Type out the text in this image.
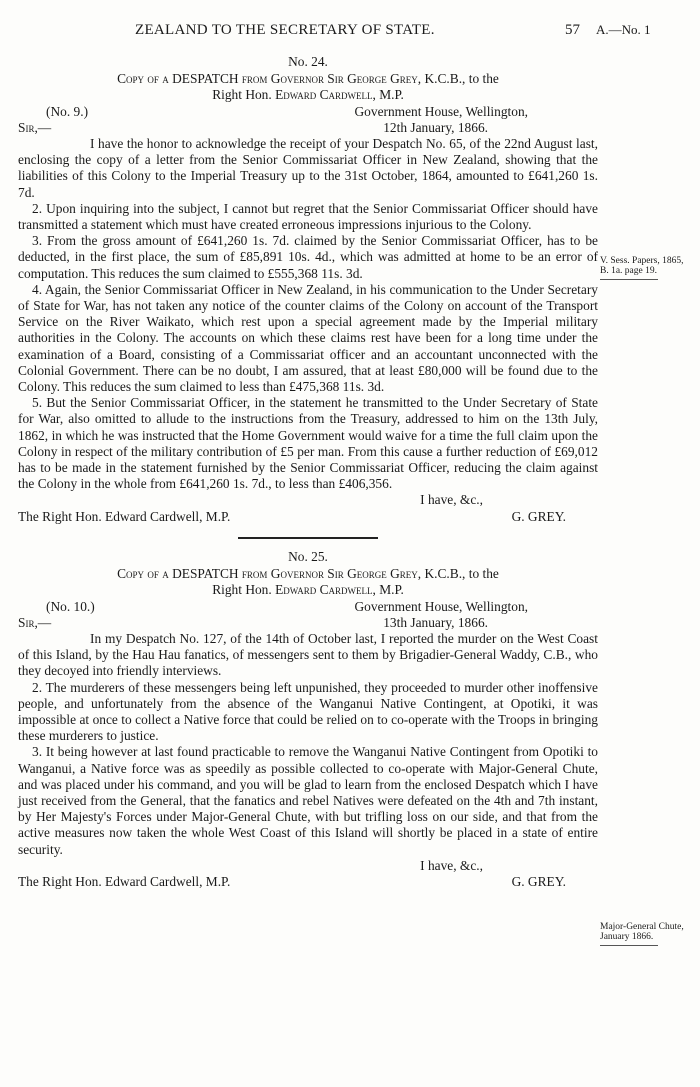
ZEALAND TO THE SECRETARY OF STATE.	57 A.—No. 1
No. 24.
Copy of a DESPATCH from Governor Sir George Grey, K.C.B., to the
Right Hon. Edward Cardwell, M.P.
(No. 9.)	Government House, Wellington,
Sir,—	12th January, 1866.

I have the honor to acknowledge the receipt of your Despatch No. 65, of the 22nd August last, enclosing the copy of a letter from the Senior Commissariat Officer in New Zealand, showing that the liabilities of this Colony to the Imperial Treasury up to the 31st October, 1864, amounted to £641,260 1s. 7d.

2. Upon inquiring into the subject, I cannot but regret that the Senior Commissariat Officer should have transmitted a statement which must have created erroneous impressions injurious to the Colony.

3. From the gross amount of £641,260 1s. 7d. claimed by the Senior Commissariat Officer, has to be deducted, in the first place, the sum of £85,891 10s. 4d., which was admitted at home to be an error of computation. This reduces the sum claimed to £555,368 11s. 3d.

4. Again, the Senior Commissariat Officer in New Zealand, in his communication to the Under Secretary of State for War, has not taken any notice of the counter claims of the Colony on account of the Transport Service on the River Waikato, which rest upon a special agreement made by the Imperial military authorities in the Colony. The accounts on which these claims rest have been for a long time under the examination of a Board, consisting of a Commissariat officer and an accountant unconnected with the Colonial Government. There can be no doubt, I am assured, that at least £80,000 will be found due to the Colony. This reduces the sum claimed to less than £475,368 11s. 3d.

5. But the Senior Commissariat Officer, in the statement he transmitted to the Under Secretary of State for War, also omitted to allude to the instructions from the Treasury, addressed to him on the 13th July, 1862, in which he was instructed that the Home Government would waive for a time the full claim upon the Colony in respect of the military contribution of £5 per man. From this cause a further reduction of £69,012 has to be made in the statement furnished by the Senior Commissariat Officer, reducing the claim against the Colony in the whole from £641,260 1s. 7d., to less than £406,356.

I have, &c.,
The Right Hon. Edward Cardwell, M.P.	G. GREY.
No. 25.
Copy of a DESPATCH from Governor Sir George Grey, K.C.B., to the
Right Hon. Edward Cardwell, M.P.
(No. 10.)	Government House, Wellington,
Sir,—	13th January, 1866.

In my Despatch No. 127, of the 14th of October last, I reported the murder on the West Coast of this Island, by the Hau Hau fanatics, of messengers sent to them by Brigadier-General Waddy, C.B., who they decoyed into friendly interviews.

2. The murderers of these messengers being left unpunished, they proceeded to murder other inoffensive people, and unfortunately from the absence of the Wanganui Native Contingent, at Opotiki, it was impossible at once to collect a Native force that could be relied on to co-operate with the Troops in bringing these murderers to justice.

3. It being however at last found practicable to remove the Wanganui Native Contingent from Opotiki to Wanganui, a Native force was as speedily as possible collected to co-operate with Major-General Chute, and was placed under his command, and you will be glad to learn from the enclosed Despatch which I have just received from the General, that the fanatics and rebel Natives were defeated on the 4th and 7th instant, by Her Majesty's Forces under Major-General Chute, with but trifling loss on our side, and that from the active measures now taken the whole West Coast of this Island will shortly be placed in a state of entire security.

I have, &c.,
The Right Hon. Edward Cardwell, M.P.	G. GREY.
V. Sess. Papers, 1865, B. 1a. page 19.
Major-General Chute, January 1866.
